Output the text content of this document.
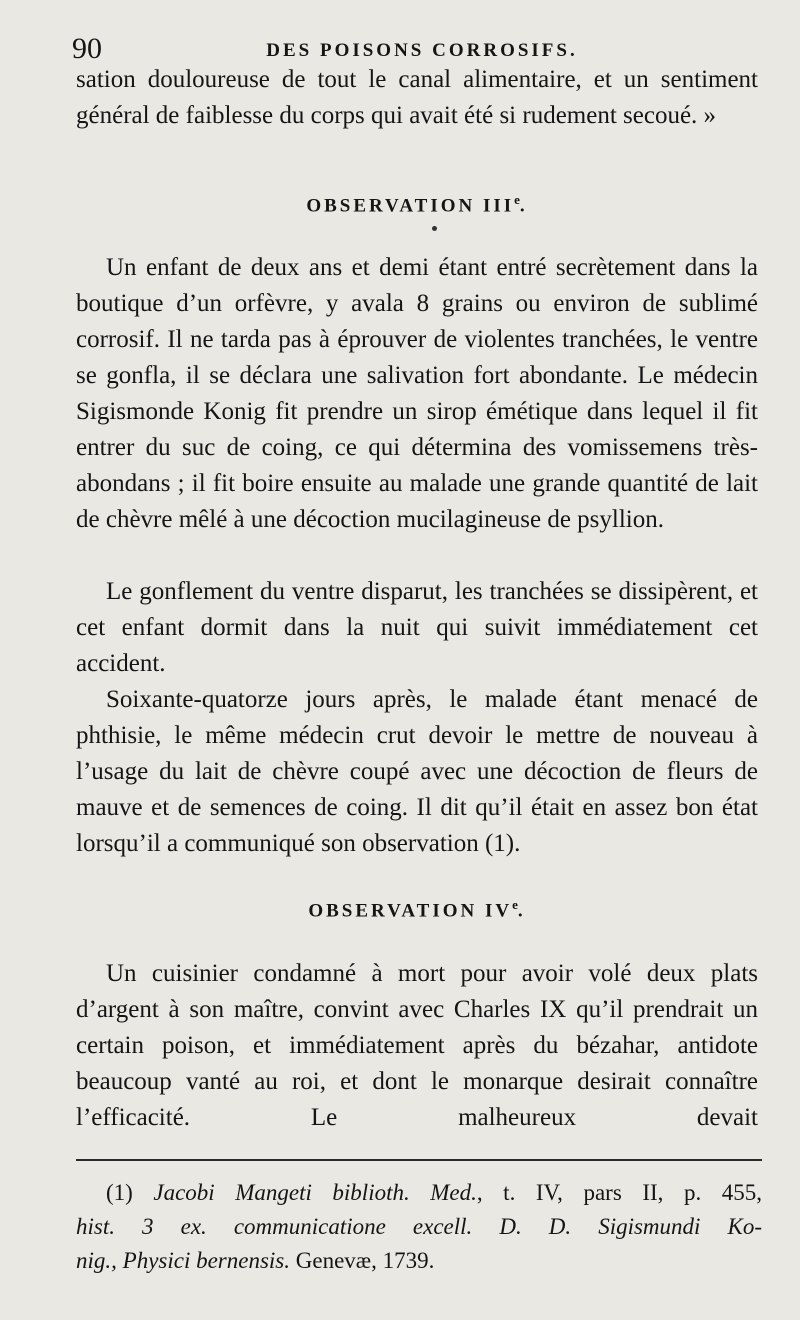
90	DES POISONS CORROSIFS.

sation douloureuse de tout le canal alimentaire, et un sentiment général de faiblesse du corps qui avait été si rudement secoué. »

OBSERVATION IIIe.

Un enfant de deux ans et demi étant entré secrètement dans la boutique d’un orfèvre, y avala 8 grains ou environ de sublimé corrosif. Il ne tarda pas à éprouver de violentes tranchées, le ventre se gonfla, il se déclara une salivation fort abondante. Le médecin Sigismonde Konig fit prendre un sirop émétique dans lequel il fit entrer du suc de coing, ce qui détermina des vomissemens très-abondans ; il fit boire ensuite au malade une grande quantité de lait de chèvre mêlé à une décoction mucilagineuse de psyllion.

Le gonflement du ventre disparut, les tranchées se dissipèrent, et cet enfant dormit dans la nuit qui suivit immédiatement cet accident.

Soixante-quatorze jours après, le malade étant menacé de phthisie, le même médecin crut devoir le mettre de nouveau à l’usage du lait de chèvre coupé avec une décoction de fleurs de mauve et de semences de coing. Il dit qu’il était en assez bon état lorsqu’il a communiqué son observation (1).

OBSERVATION IVe.

Un cuisinier condamné à mort pour avoir volé deux plats d’argent à son maître, convint avec Charles IX qu’il prendrait un certain poison, et immédiatement après du bézahar, antidote beaucoup vanté au roi, et dont le monarque desirait connaître l’efficacité. Le malheureux devait

(1) Jacobi Mangeti biblioth. Med., t. IV, pars II, p. 455,
hist. 3 ex. communicatione excell. D. D. Sigismundi Ko-
nig., Physici bernensis. Genevæ, 1739.
